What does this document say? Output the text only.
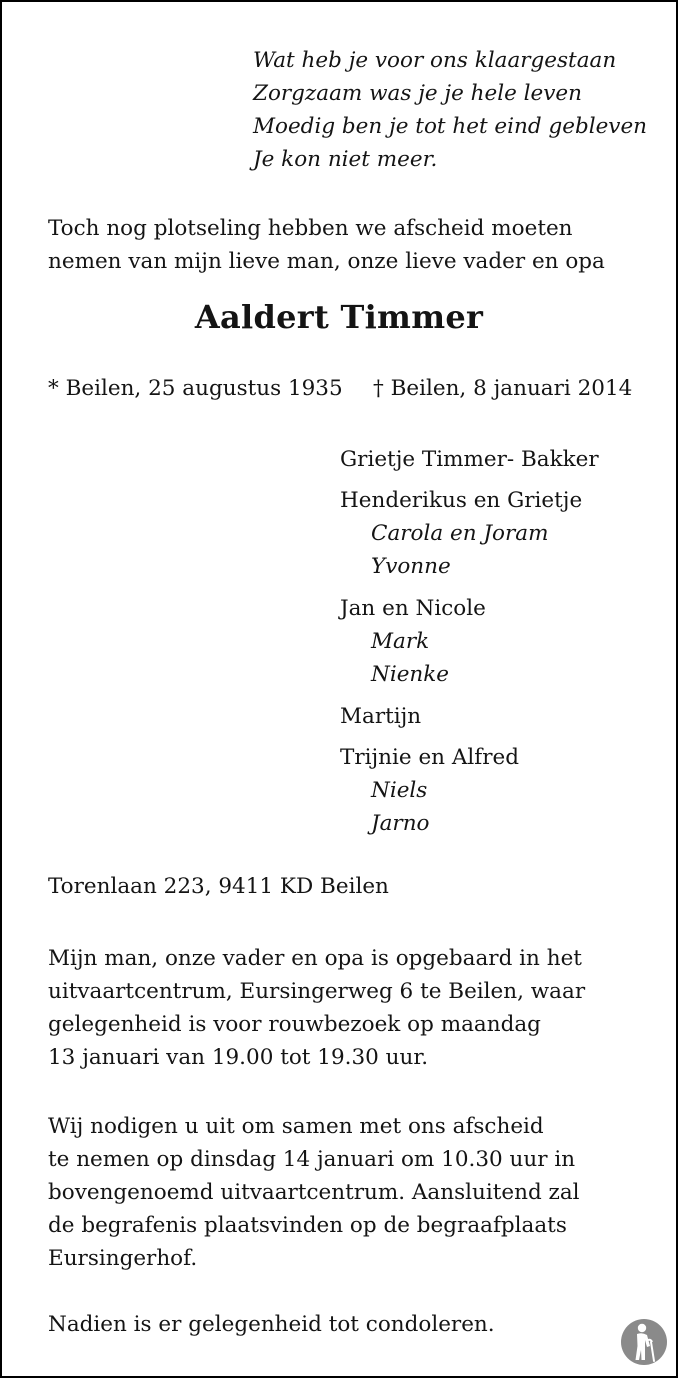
Wat heb je voor ons klaargestaan
Zorgzaam was je je hele leven
Moedig ben je tot het eind gebleven
Je kon niet meer.
Toch nog plotseling hebben we afscheid moeten
nemen van mijn lieve man, onze lieve vader en opa
Aaldert Timmer
* Beilen, 25 augustus 1935 † Beilen, 8 januari 2014
Grietje Timmer- Bakker
Henderikus en Grietje
Carola en Joram
Yvonne
Jan en Nicole
Mark
Nienke
Martijn
Trijnie en Alfred
Niels
Jarno
Torenlaan 223, 9411 KD Beilen
Mijn man, onze vader en opa is opgebaard in het
uitvaartcentrum, Eursingerweg 6 te Beilen, waar
gelegenheid is voor rouwbezoek op maandag
13 januari van 19.00 tot 19.30 uur.
Wij nodigen u uit om samen met ons afscheid
te nemen op dinsdag 14 januari om 10.30 uur in
bovengenoemd uitvaartcentrum. Aansluitend zal
de begrafenis plaatsvinden op de begraafplaats
Eursingerhof.
Nadien is er gelegenheid tot condoleren.
